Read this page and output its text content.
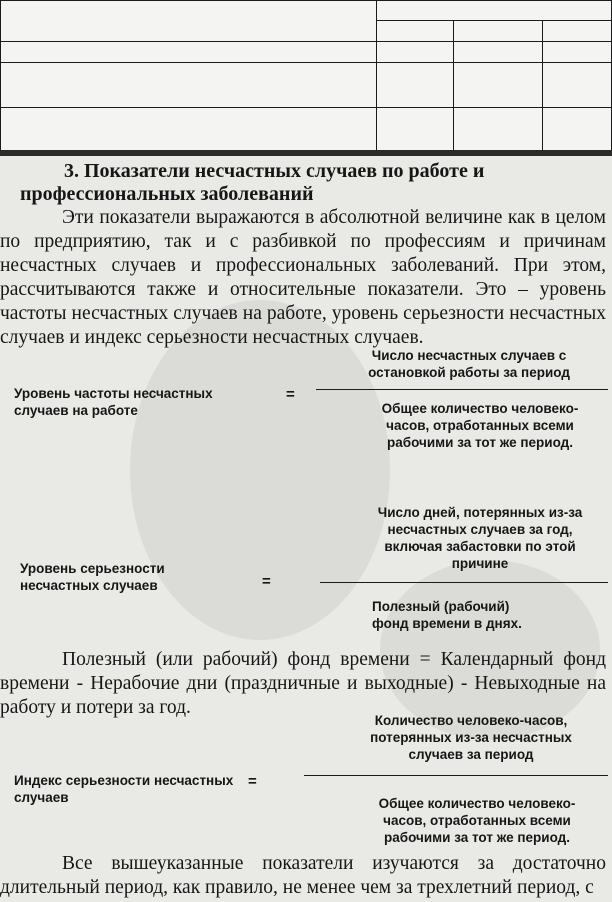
3. Показатели несчастных случаев по работе и профессиональных заболеваний

Эти показатели выражаются в абсолютной величине как в целом по предприятию, так и с разбивкой по профессиям и причинам несчастных случаев и профессиональных заболеваний. При этом, рассчитываются также и относительные показатели. Это – уровень частоты несчастных случаев на работе, уровень серьезности несчастных случаев и индекс серьезности несчастных случаев.

Уровень частоты несчастных случаев на работе

=

Число несчастных случаев с остановкой работы за период

Общее количество человеко-часов, отработанных всеми рабочими за тот же период.

Число дней, потерянных из-за несчастных случаев за год, включая забастовки по этой причине

Уровень серьезности несчастных случаев	=

Полезный (рабочий) фонд времени в днях.

Полезный (или рабочий) фонд времени = Календарный фонд времени - Нерабочие дни (праздничные и выходные) - Невыходные на работу и потери за год.

Количество человеко-часов, потерянных из-за несчастных случаев за период

Индекс серьезности несчастных случаев

=

Общее количество человеко-часов, отработанных всеми рабочими за тот же период.

Все вышеуказанные показатели изучаются за достаточно длительный период, как правило, не менее чем за трехлетний период, с
